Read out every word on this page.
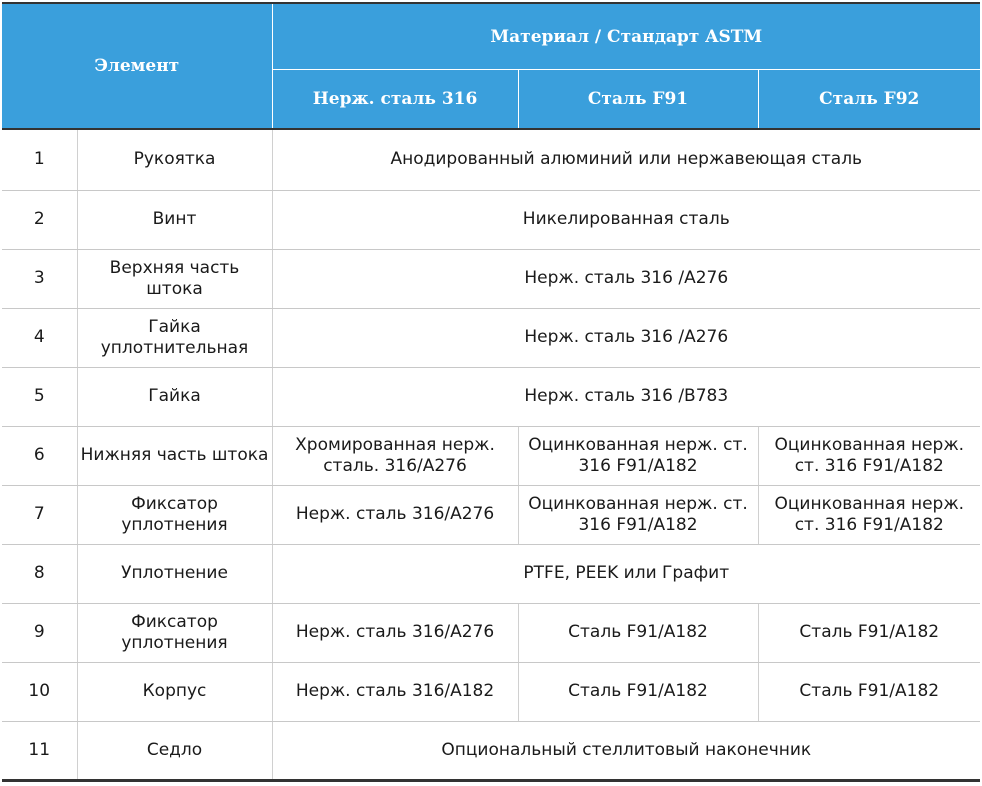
Элемент		Материал / Стандарт ASTM		
		Нерж. сталь 316	Сталь F91	Сталь F92
1	Рукоятка	Анодированный алюминий или нержавеющая сталь		
2	Винт	Никелированная сталь		
3	Верхняя часть штока	Нерж. сталь 316 /A276		
4	Гайка уплотнительная	Нерж. сталь 316 /A276		
5	Гайка	Нерж. сталь 316 /B783		
6	Нижняя часть штока	Хромированная нерж. сталь. 316/A276	Оцинкованная нерж. ст. 316 F91/A182	Оцинкованная нерж. ст. 316 F91/A182
7	Фиксатор уплотнения	Нерж. сталь 316/A276	Оцинкованная нерж. ст. 316 F91/A182	Оцинкованная нерж. ст. 316 F91/A182
8	Уплотнение	PTFE, PEEK или Графит		
9	Фиксатор уплотнения	Нерж. сталь 316/A276	Сталь F91/A182	Сталь F91/A182
10	Корпус	Нерж. сталь 316/A182	Сталь F91/A182	Сталь F91/A182
11	Седло	Опциональный стеллитовый наконечник		
